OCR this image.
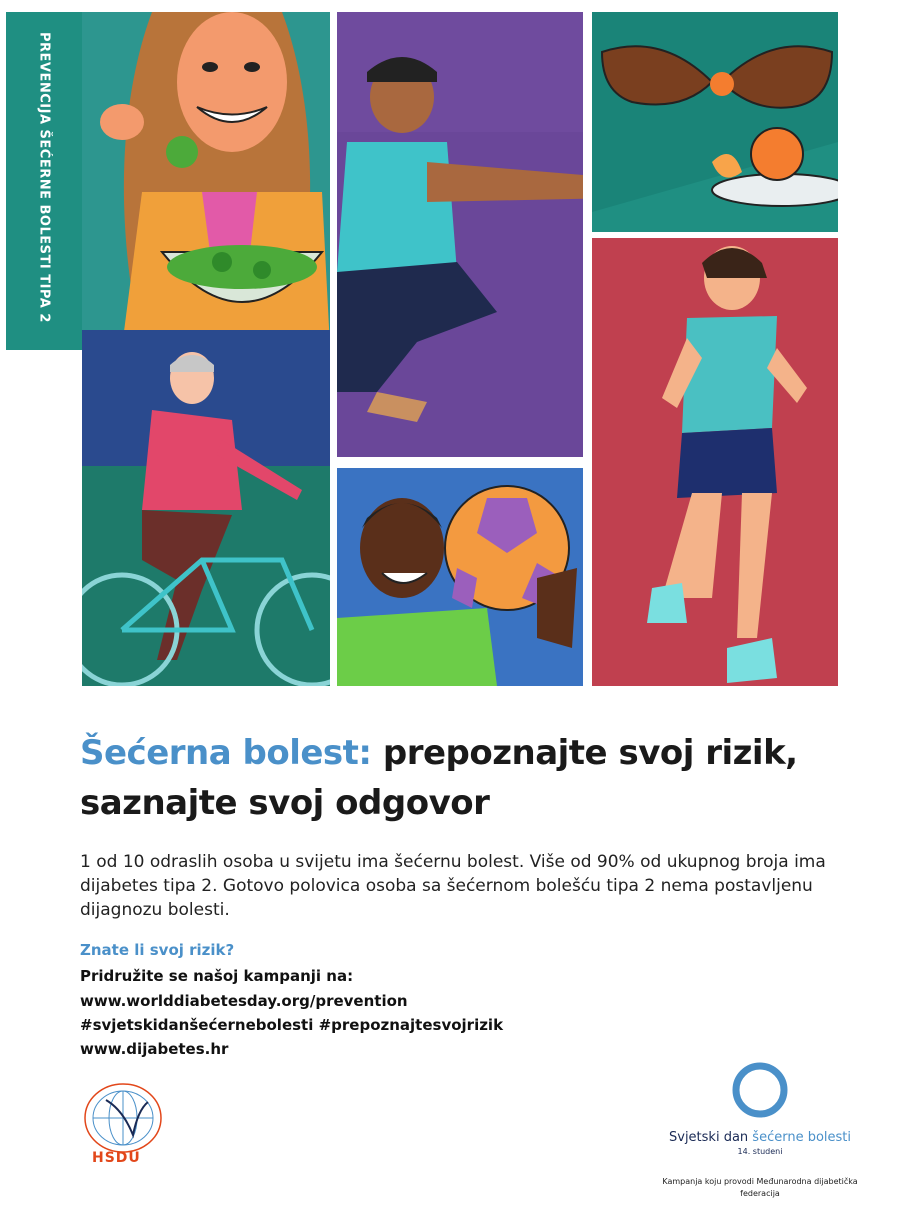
PREVENCIJA ŠEĆERNE BOLESTI TIPA 2
Šećerna bolest: prepoznajte svoj rizik,
saznajte svoj odgovor
1 od 10 odraslih osoba u svijetu ima šećernu bolest. Više od 90% od ukupnog broja ima dijabetes tipa 2. Gotovo polovica osoba sa šećernom bolešću tipa 2 nema postavljenu dijagnozu bolesti.
Znate li svoj rizik?
Pridružite se našoj kampanji na:
www.worlddiabetesday.org/prevention
#svjetskidanšećernebolesti #prepoznajtesvojrizik
www.dijabetes.hr
HSDU
Svjetski dan šećerne bolesti
14. studeni
Kampanja koju provodi Međunarodna dijabetička federacija
